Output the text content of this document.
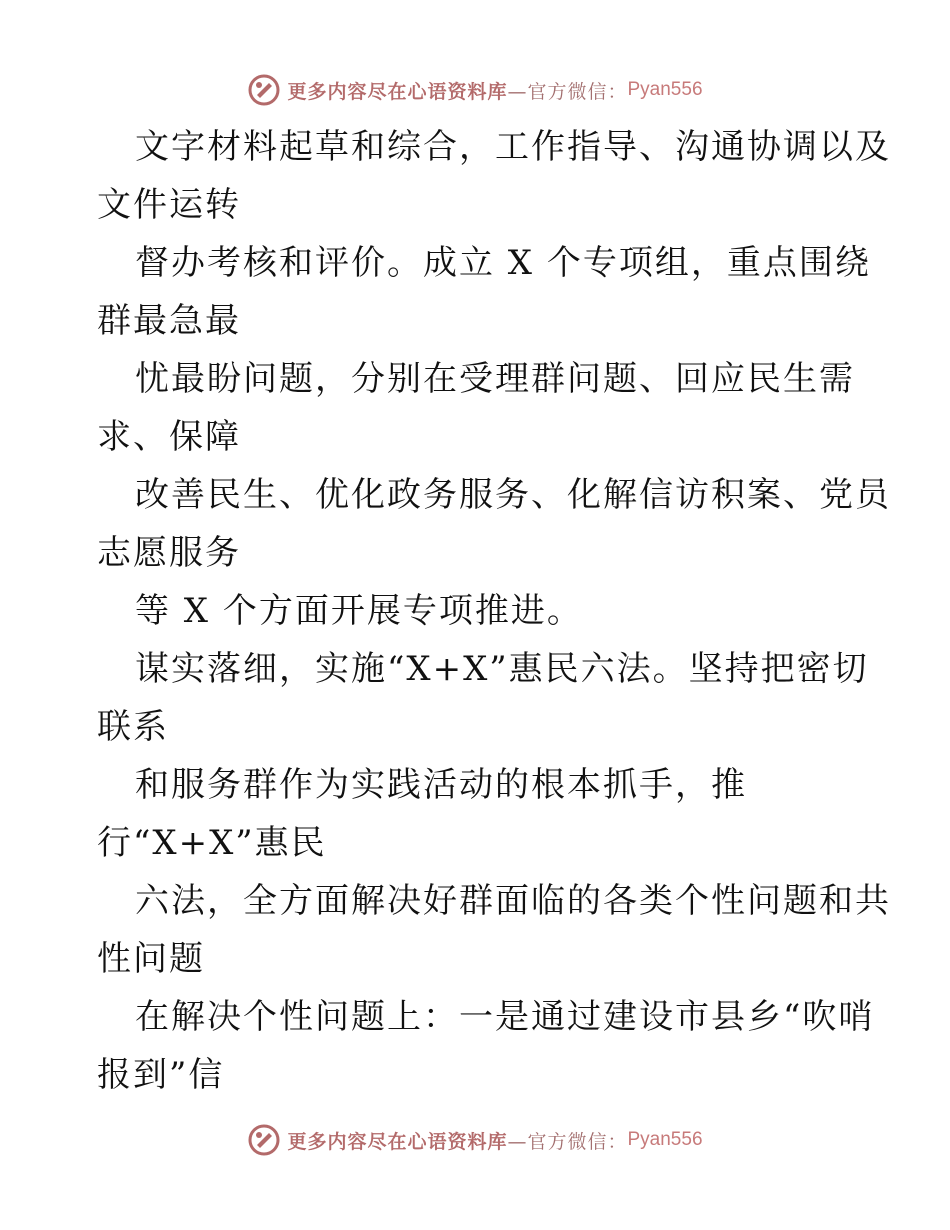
更多内容尽在心语资料库 —官方微信： Pyan556
文字材料起草和综合，工作指导、沟通协调以及
文件运转
督办考核和评价。成立 X 个专项组，重点围绕
群最急最
忧最盼问题，分别在受理群问题、回应民生需
求、保障
改善民生、优化政务服务、化解信访积案、党员
志愿服务
等 X 个方面开展专项推进。
谋实落细，实施“X+X”惠民六法。坚持把密切
联系
和服务群作为实践活动的根本抓手，推
行“X+X”惠民
六法，全方面解决好群面临的各类个性问题和共
性问题
在解决个性问题上：一是通过建设市县乡“吹哨
报到”信
更多内容尽在心语资料库 —官方微信： Pyan556
